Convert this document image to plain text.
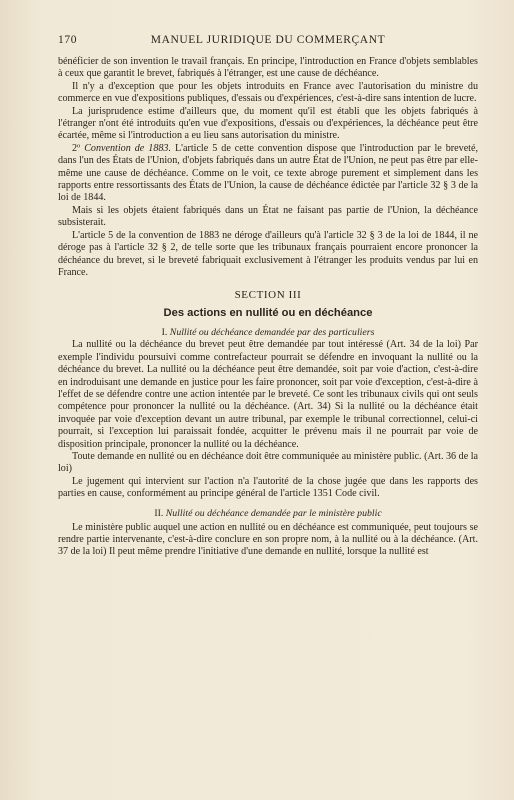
170	MANUEL JURIDIQUE DU COMMERÇANT

bénéficier de son invention le travail français. En principe, l'introduction en France d'objets semblables à ceux que garantit le brevet, fabriqués à l'étranger, est une cause de déchéance.

Il n'y a d'exception que pour les objets introduits en France avec l'autorisation du ministre du commerce en vue d'expositions publiques, d'essais ou d'expériences, c'est-à-dire sans intention de lucre.

La jurisprudence estime d'ailleurs que, du moment qu'il est établi que les objets fabriqués à l'étranger n'ont été introduits qu'en vue d'expositions, d'essais ou d'expériences, la déchéance peut être écartée, même si l'introduction a eu lieu sans autorisation du ministre.

2º Convention de 1883. L'article 5 de cette convention dispose que l'introduction par le breveté, dans l'un des États de l'Union, d'objets fabriqués dans un autre État de l'Union, ne peut pas être par elle-même une cause de déchéance. Comme on le voit, ce texte abroge purement et simplement dans les rapports entre ressortissants des États de l'Union, la cause de déchéance édictée par l'article 32 § 3 de la loi de 1844.

Mais si les objets étaient fabriqués dans un État ne faisant pas partie de l'Union, la déchéance subsisterait.

L'article 5 de la convention de 1883 ne déroge d'ailleurs qu'à l'article 32 § 3 de la loi de 1844, il ne déroge pas à l'article 32 § 2, de telle sorte que les tribunaux français pourraient encore prononcer la déchéance du brevet, si le breveté fabriquait exclusivement à l'étranger les produits vendus par lui en France.

SECTION III
Des actions en nullité ou en déchéance
I. Nullité ou déchéance demandée par des particuliers

La nullité ou la déchéance du brevet peut être demandée par tout intéressé (Art. 34 de la loi) Par exemple l'individu poursuivi comme contrefacteur pourrait se défendre en invoquant la nullité ou la déchéance du brevet. La nullité ou la déchéance peut être demandée, soit par voie d'action, c'est-à-dire en indroduisant une demande en justice pour les faire prononcer, soit par voie d'exception, c'est-à-dire à l'effet de se défendre contre une action intentée par le breveté. Ce sont les tribunaux civils qui ont seuls compétence pour prononcer la nullité ou la déchéance. (Art. 34) Si la nullité ou la déchéance était invoquée par voie d'exception devant un autre tribunal, par exemple le tribunal correctionnel, celui-ci pourrait, si l'exception lui paraissait fondée, acquitter le prévenu mais il ne pourrait par voie de disposition principale, prononcer la nullité ou la déchéance.

Toute demande en nullité ou en déchéance doit être communiquée au ministère public. (Art. 36 de la loi)

Le jugement qui intervient sur l'action n'a l'autorité de la chose jugée que dans les rapports des parties en cause, conformément au principe général de l'article 1351 Code civil.

II. Nullité ou déchéance demandée par le ministère public

Le ministère public auquel une action en nullité ou en déchéance est communiquée, peut toujours se rendre partie intervenante, c'est-à-dire conclure en son propre nom, à la nullité ou à la déchéance. (Art. 37 de la loi) Il peut même prendre l'initiative d'une demande en nullité, lorsque la nullité est
